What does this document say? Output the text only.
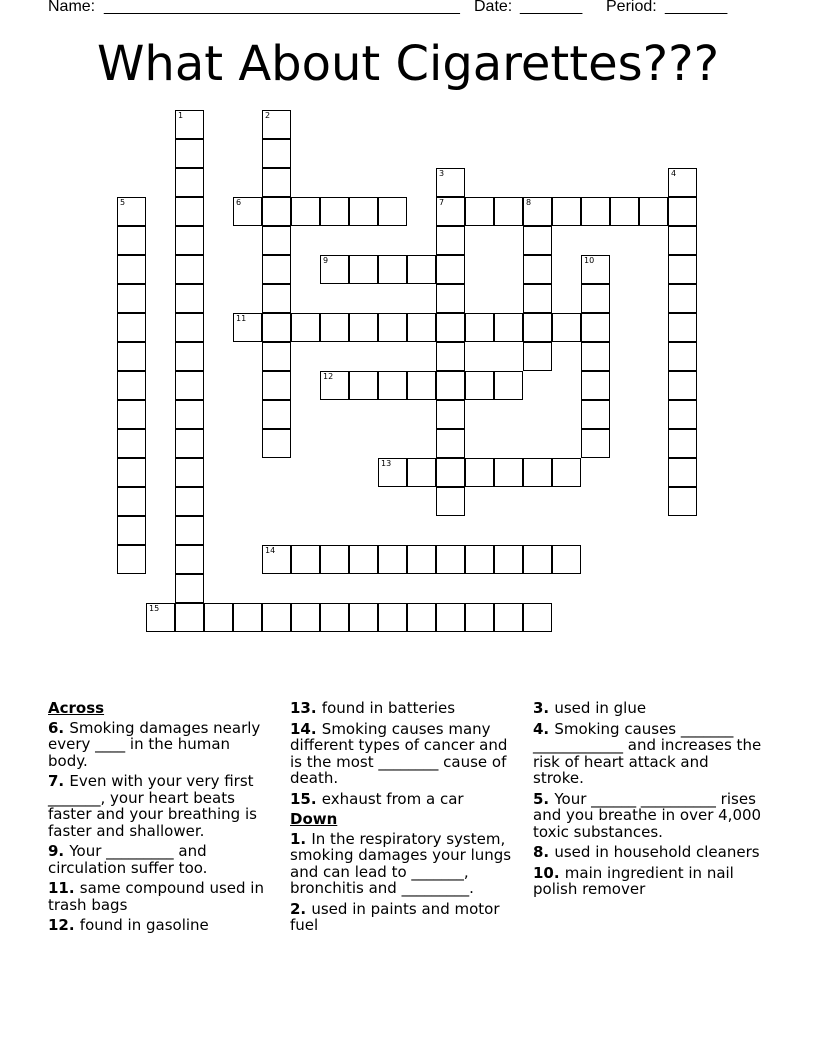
Name:

________________________________________

Date:

_______

Period:

_______

What About Cigarettes???
1	2
3
7
4
5	6	8
9	10
11
12
13
14
15
Across
6. Smoking damages nearly every ____ in the human body.
7. Even with your very first _______, your heart beats faster and your breathing is faster and shallower.
9. Your _________ and circulation suffer too.
11. same compound used in trash bags
12. found in gasoline
13. found in batteries
14. Smoking causes many different types of cancer and is the most ________ cause of death.
15. exhaust from a car
Down
1. In the respiratory system, smoking damages your lungs and can lead to _______, bronchitis and _________.
2. used in paints and motor fuel
3. used in glue
4. Smoking causes _______ ____________ and increases the risk of heart attack and stroke.
5. Your ______ __________ rises and you breathe in over 4,000 toxic substances.
8. used in household cleaners
10. main ingredient in nail polish remover
